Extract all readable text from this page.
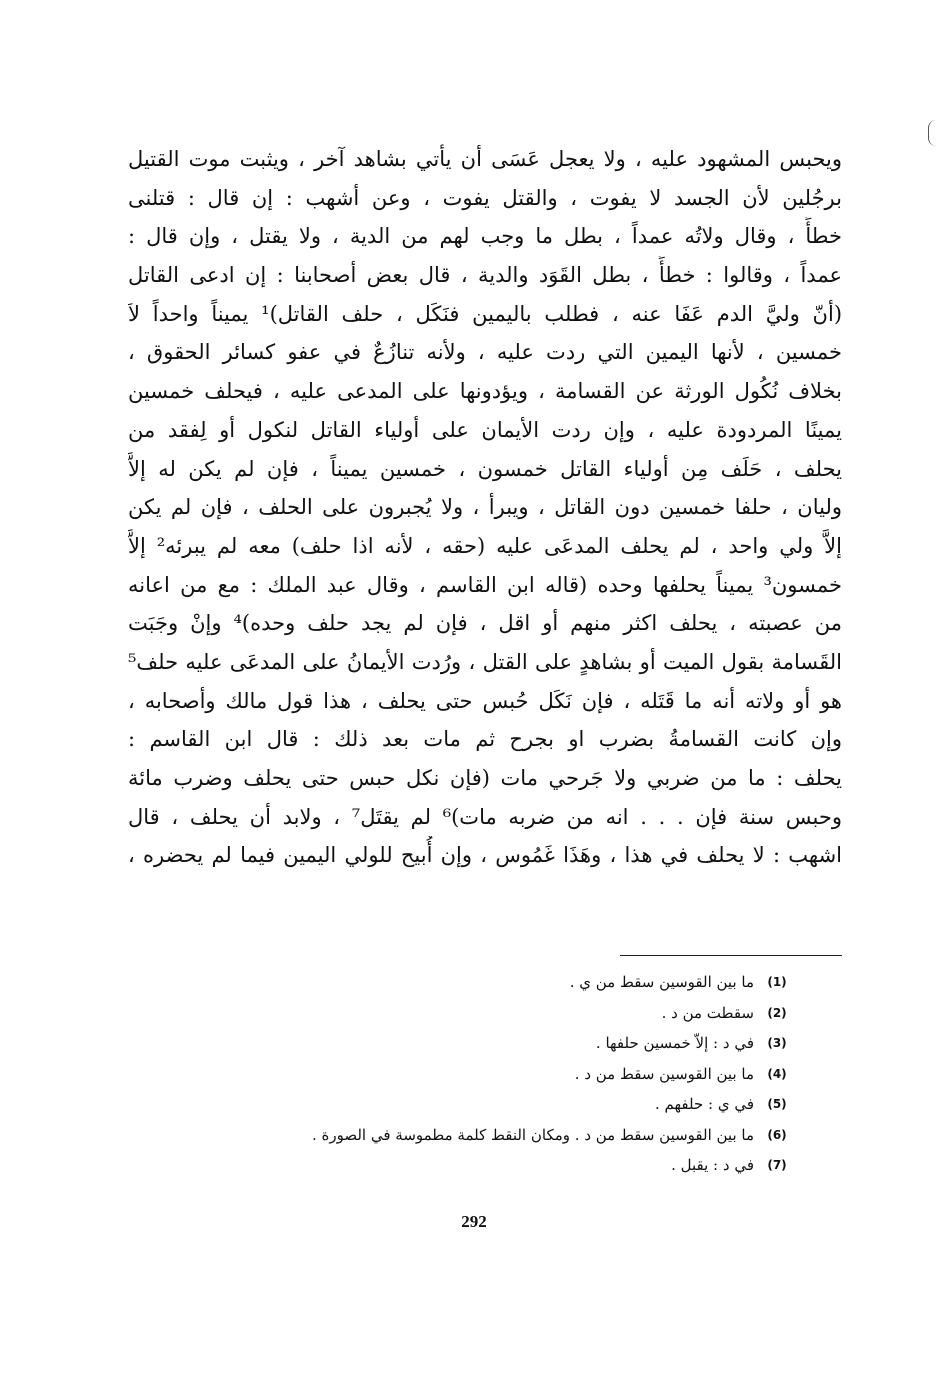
ويحبس المشهود عليه ، ولا يعجل عَسَى أن يأتي بشاهد آخر ، ويثبت موت القتيل
برجُلين لأن الجسد لا يفوت ، والقتل يفوت ، وعن أشهب : إن قال : قتلنى
خطأً ، وقال ولاتُه عمداً ، بطل ما وجب لهم من الدية ، ولا يقتل ، وإن قال :
عمداً ، وقالوا : خطأً ، بطل القَوَد والدية ، قال بعض أصحابنا : إن ادعى القاتل
(أنّ وليَّ الدم عَفَا عنه ، فطلب باليمين فنَكَل ، حلف القاتل)¹ يميناً واحداً لاَ
خمسين ، لأنها اليمين التي ردت عليه ، ولأنه تنازُعٌ في عفو كسائر الحقوق ،
بخلاف نُكُول الورثة عن القسامة ، ويؤدونها على المدعى عليه ، فيحلف خمسين
يمينًا المردودة عليه ، وإن ردت الأيمان على أولياء القاتل لنكول أو لِفقد من
يحلف ، حَلَف مِن أولياء القاتل خمسون ، خمسين يميناً ، فإن لم يكن له إلاَّ
وليان ، حلفا خمسين دون القاتل ، ويبرأ ، ولا يُجبرون على الحلف ، فإن لم يكن
إلاَّ ولي واحد ، لم يحلف المدعَى عليه (حقه ، لأنه اذا حلف) معه لم يبرئه² إلاَّ
خمسون³ يميناً يحلفها وحده (قاله ابن القاسم ، وقال عبد الملك : مع من اعانه
من عصبته ، يحلف اكثر منهم أو اقل ، فإن لم يجد حلف وحده)⁴ وإنْ وجَبَت
القَسامة بقول الميت أو بشاهدٍ على القتل ، ورُدت الأيمانُ على المدعَى عليه حلف⁵
هو أو ولاته أنه ما قَتَله ، فإن نَكَل حُبس حتى يحلف ، هذا قول مالك وأصحابه ،
وإن كانت القسامةُ بضرب او بجرح ثم مات بعد ذلك : قال ابن القاسم :
يحلف : ما من ضربي ولا جَرحي مات (فإن نكل حبس حتى يحلف وضرب مائة
وحبس سنة فإن . . . انه من ضربه مات)⁶ لم يقتَل⁷ ، ولابد أن يحلف ، قال
اشهب : لا يحلف في هذا ، وهَذَا غَمُوس ، وإن أُبيح للولي اليمين فيما لم يحضره ،
(1)
ما بين القوسين سقط من ي .
(2)
سقطت من د .
(3)
في د : إلاّ خمسين حلفها .
(4)
ما بين القوسين سقط من د .
(5)
في ي : حلفهم .
(6)
ما بين القوسين سقط من د . ومكان النقط كلمة مطموسة في الصورة .
(7)
في د : يقبل .
292
